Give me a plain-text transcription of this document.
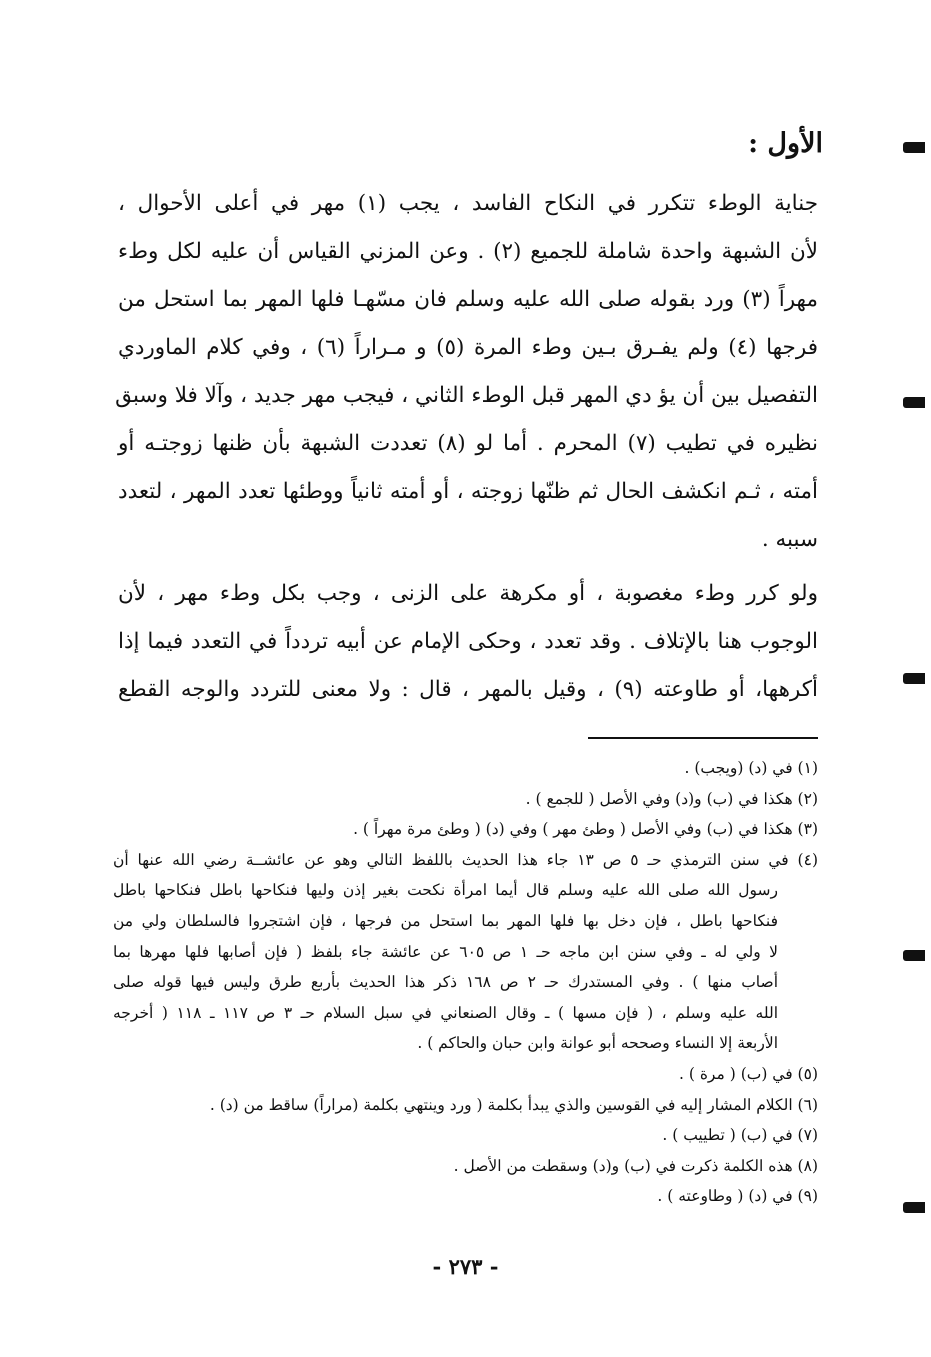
الأول :
جناية الوطء تتكرر في النكاح الفاسد ، يجب (١) مهر في أعلى الأحوال ،
لأن الشبهة واحدة شاملة للجميع (٢) . وعن المزني القياس أن عليه لكل وطء
مهراً (٣) ورد بقوله صلى الله عليه وسلم فان مسّهـا فلها المهر بما استحل من
فرجها (٤) ولم يفـرق بـين وطء المرة (٥) و مـراراً (٦) ، وفي كلام الماوردي
التفصيل بين أن يؤ دي المهر قبل الوطء الثاني ، فيجب مهر جديد ، وآلا فلا وسبق
نظيره في تطيب (٧) المحرم . أما لو (٨) تعددت الشبهة بأن ظنها زوجتـه أو
أمته ، ثـم انكشف الحال ثم ظنّها زوجته ، أو أمته ثانياً ووطئها تعدد المهر ، لتعدد
سببه .
ولو كرر وطء مغصوبة ، أو مكرهة على الزنى ، وجب بكل وطء مهر ، لأن
الوجوب هنا بالإتلاف . وقد تعدد ، وحكى الإمام عن أبيه تردداً في التعدد فيما إذا
أكرهها، أو طاوعته (٩) ، وقيل بالمهر ، قال : ولا معنى للتردد والوجه القطع
(١) في (د) (ويجب) .
(٢) هكذا في (ب) و(د) وفي الأصل ( للجمع ) .
(٣) هكذا في (ب) وفي الأصل ( وطئ مهر ) وفي (د) ( وطئ مرة مهراً ) .
(٤) في سنن الترمذي حـ ٥ ص ١٣ جاء هذا الحديث باللفظ التالي وهو عن عائشــة رضي الله عنها أن
رسول الله صلى الله عليه وسلم قال أيما امرأة نكحت بغير إذن وليها فنكاحها باطل فنكاحها باطل
فنكاحها باطل ، فإن دخل بها فلها المهر بما استحل من فرجها ، فإن اشتجروا فالسلطان ولي من
لا ولي له ـ وفي سنن ابن ماجه حـ ١ ص ٦٠٥ عن عائشة جاء بلفظ ( فإن أصابها فلها مهرها بما
أصاب منها ) . وفي المستدرك حـ ٢ ص ١٦٨ ذكر هذا الحديث بأربع طرق وليس فيها قوله صلى
الله عليه وسلم ، ( فإن مسها ) ـ وقال الصنعاني في سبل السلام حـ ٣ ص ١١٧ ـ ١١٨ ( أخرجه
الأربعة إلا النساء وصححه أبو عوانة وابن حبان والحاكم ) .
(٥) في (ب) ( مرة ) .
(٦) الكلام المشار إليه في القوسين والذي يبدأ بكلمة ( ورد وينتهي بكلمة (مراراً) ساقط من (د) .
(٧) في (ب) ( تطييب ) .
(٨) هذه الكلمة ذكرت في (ب) و(د) وسقطت من الأصل .
(٩) في (د) ( وطاوعته ) .
- ٢٧٣ -
